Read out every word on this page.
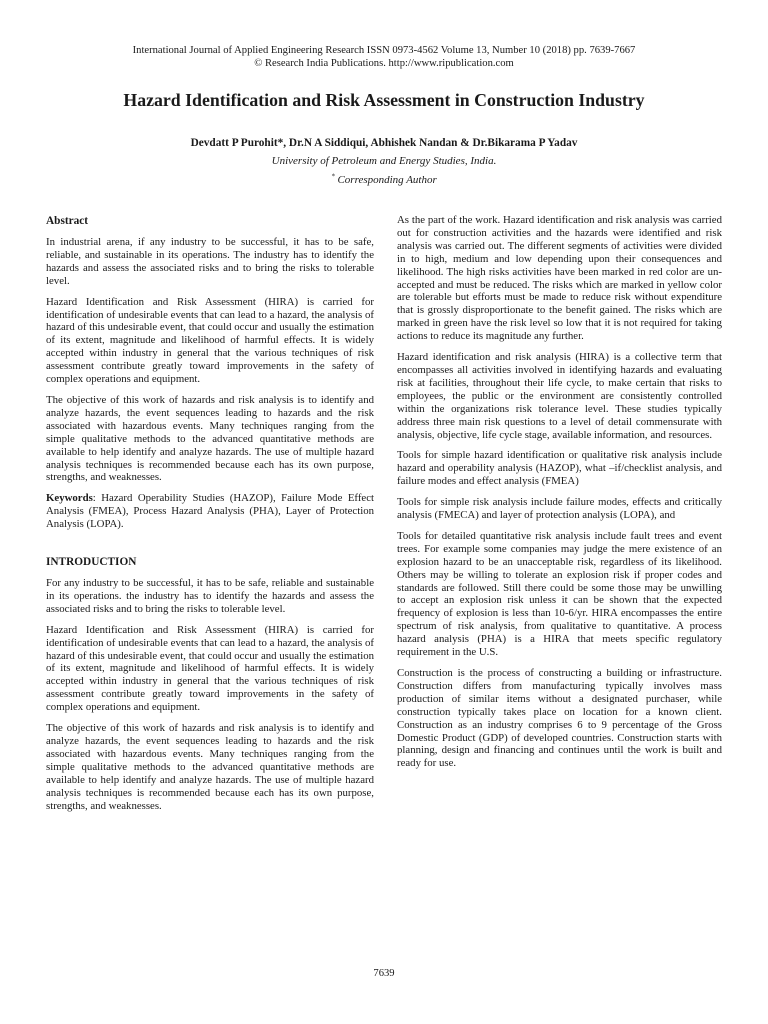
International Journal of Applied Engineering Research ISSN 0973-4562 Volume 13, Number 10 (2018) pp. 7639-7667
© Research India Publications. http://www.ripublication.com
Hazard Identification and Risk Assessment in Construction Industry
Devdatt P Purohit*, Dr.N A Siddiqui, Abhishek Nandan & Dr.Bikarama P Yadav
University of Petroleum and Energy Studies, India.
* Corresponding Author
Abstract

In industrial arena, if any industry to be successful, it has to be safe, reliable, and sustainable in its operations. The industry has to identify the hazards and assess the associated risks and to bring the risks to tolerable level.

Hazard Identification and Risk Assessment (HIRA) is carried for identification of undesirable events that can lead to a hazard, the analysis of hazard of this undesirable event, that could occur and usually the estimation of its extent, magnitude and likelihood of harmful effects. It is widely accepted within industry in general that the various techniques of risk assessment contribute greatly toward improvements in the safety of complex operations and equipment.

The objective of this work of hazards and risk analysis is to identify and analyze hazards, the event sequences leading to hazards and the risk associated with hazardous events. Many techniques ranging from the simple qualitative methods to the advanced quantitative methods are available to help identify and analyze hazards. The use of multiple hazard analysis techniques is recommended because each has its own purpose, strengths, and weaknesses.

Keywords: Hazard Operability Studies (HAZOP), Failure Mode Effect Analysis (FMEA), Process Hazard Analysis (PHA), Layer of Protection Analysis (LOPA).

INTRODUCTION

For any industry to be successful, it has to be safe, reliable and sustainable in its operations. the industry has to identify the hazards and assess the associated risks and to bring the risks to tolerable level.

Hazard Identification and Risk Assessment (HIRA) is carried for identification of undesirable events that can lead to a hazard, the analysis of hazard of this undesirable event, that could occur and usually the estimation of its extent, magnitude and likelihood of harmful effects. It is widely accepted within industry in general that the various techniques of risk assessment contribute greatly toward improvements in the safety of complex operations and equipment.

The objective of this work of hazards and risk analysis is to identify and analyze hazards, the event sequences leading to hazards and the risk associated with hazardous events. Many techniques ranging from the simple qualitative methods to the advanced quantitative methods are available to help identify and analyze hazards. The use of multiple hazard analysis techniques is recommended because each has its own purpose, strengths, and weaknesses.

As the part of the work. Hazard identification and risk analysis was carried out for construction activities and the hazards were identified and risk analysis was carried out. The different segments of activities were divided in to high, medium and low depending upon their consequences and likelihood. The high risks activities have been marked in red color are un-accepted and must be reduced. The risks which are marked in yellow color are tolerable but efforts must be made to reduce risk without expenditure that is grossly disproportionate to the benefit gained. The risks which are marked in green have the risk level so low that it is not required for taking actions to reduce its magnitude any further.

Hazard identification and risk analysis (HIRA) is a collective term that encompasses all activities involved in identifying hazards and evaluating risk at facilities, throughout their life cycle, to make certain that risks to employees, the public or the environment are consistently controlled within the organizations risk tolerance level. These studies typically address three main risk questions to a level of detail commensurate with analysis, objective, life cycle stage, available information, and resources.

Tools for simple hazard identification or qualitative risk analysis include hazard and operability analysis (HAZOP), what –if/checklist analysis, and failure modes and effect analysis (FMEA)

Tools for simple risk analysis include failure modes, effects and critically analysis (FMECA) and layer of protection analysis (LOPA), and

Tools for detailed quantitative risk analysis include fault trees and event trees. For example some companies may judge the mere existence of an explosion hazard to be an unacceptable risk, regardless of its likelihood. Others may be willing to tolerate an explosion risk if proper codes and standards are followed. Still there could be some those may be unwilling to accept an explosion risk unless it can be shown that the expected frequency of explosion is less than 10-6/yr. HIRA encompasses the entire spectrum of risk analysis, from qualitative to quantitative. A process hazard analysis (PHA) is a HIRA that meets specific regulatory requirement in the U.S.

Construction is the process of constructing a building or infrastructure. Construction differs from manufacturing typically involves mass production of similar items without a designated purchaser, while construction typically takes place on location for a known client. Construction as an industry comprises 6 to 9 percentage of the Gross Domestic Product (GDP) of developed countries. Construction starts with planning, design and financing and continues until the work is built and ready for use.

7639
